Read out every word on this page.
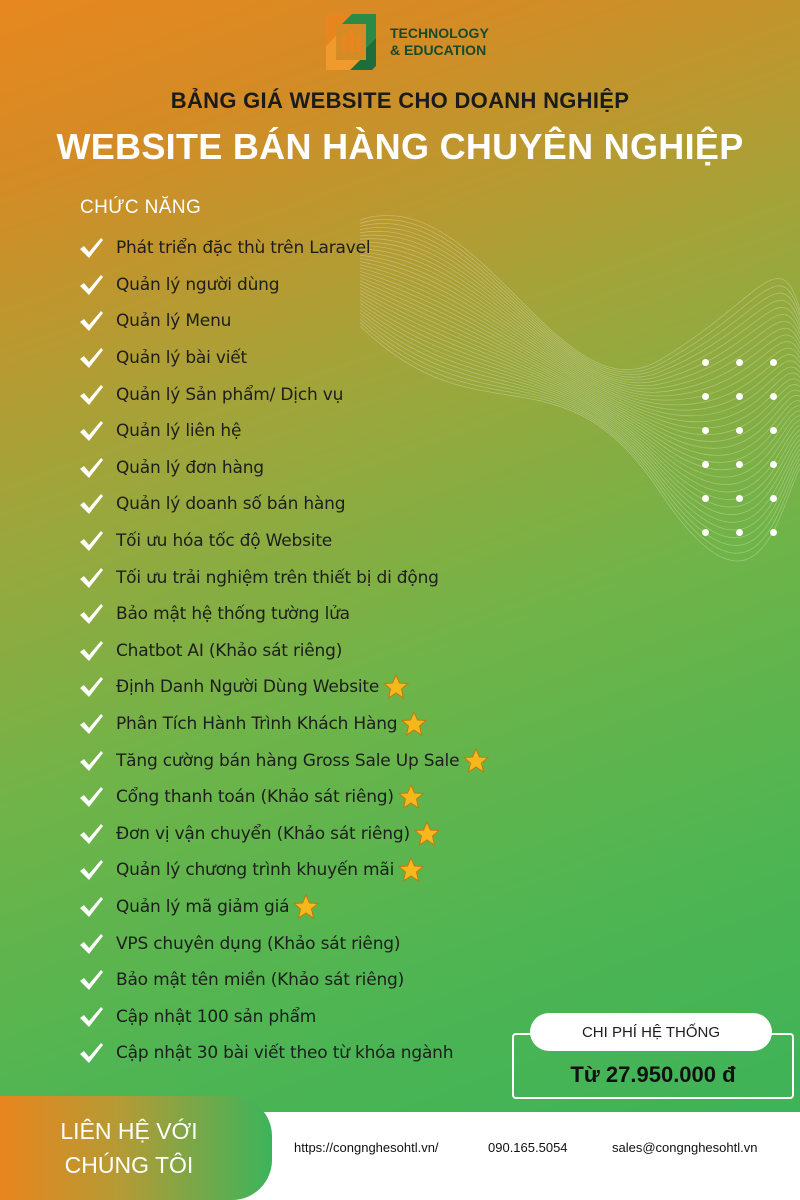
TECHNOLOGY
& EDUCATION
BẢNG GIÁ WEBSITE CHO DOANH NGHIỆP
WEBSITE BÁN HÀNG CHUYÊN NGHIỆP
CHỨC NĂNG
Phát triển đặc thù trên Laravel
Quản lý người dùng
Quản lý Menu
Quản lý bài viết
Quản lý Sản phẩm/ Dịch vụ
Quản lý liên hệ
Quản lý đơn hàng
Quản lý doanh số bán hàng
Tối ưu hóa tốc độ Website
Tối ưu trải nghiệm trên thiết bị di động
Bảo mật hệ thống tường lửa
Chatbot AI (Khảo sát riêng)
Định Danh Người Dùng Website
Phân Tích Hành Trình Khách Hàng
Tăng cường bán hàng Gross Sale Up Sale
Cổng thanh toán (Khảo sát riêng)
Đơn vị vận chuyển (Khảo sát riêng)
Quản lý chương trình khuyến mãi
Quản lý mã giảm giá
VPS chuyên dụng (Khảo sát riêng)
Bảo mật tên miền (Khảo sát riêng)
Cập nhật 100 sản phẩm
Cập nhật 30 bài viết theo từ khóa ngành
CHI PHÍ HỆ THỐNG
Từ 27.950.000 đ
LIÊN HỆ VỚI
CHÚNG TÔI
https://congnghesohtl.vn/	090.165.5054	sales@congnghesohtl.vn
